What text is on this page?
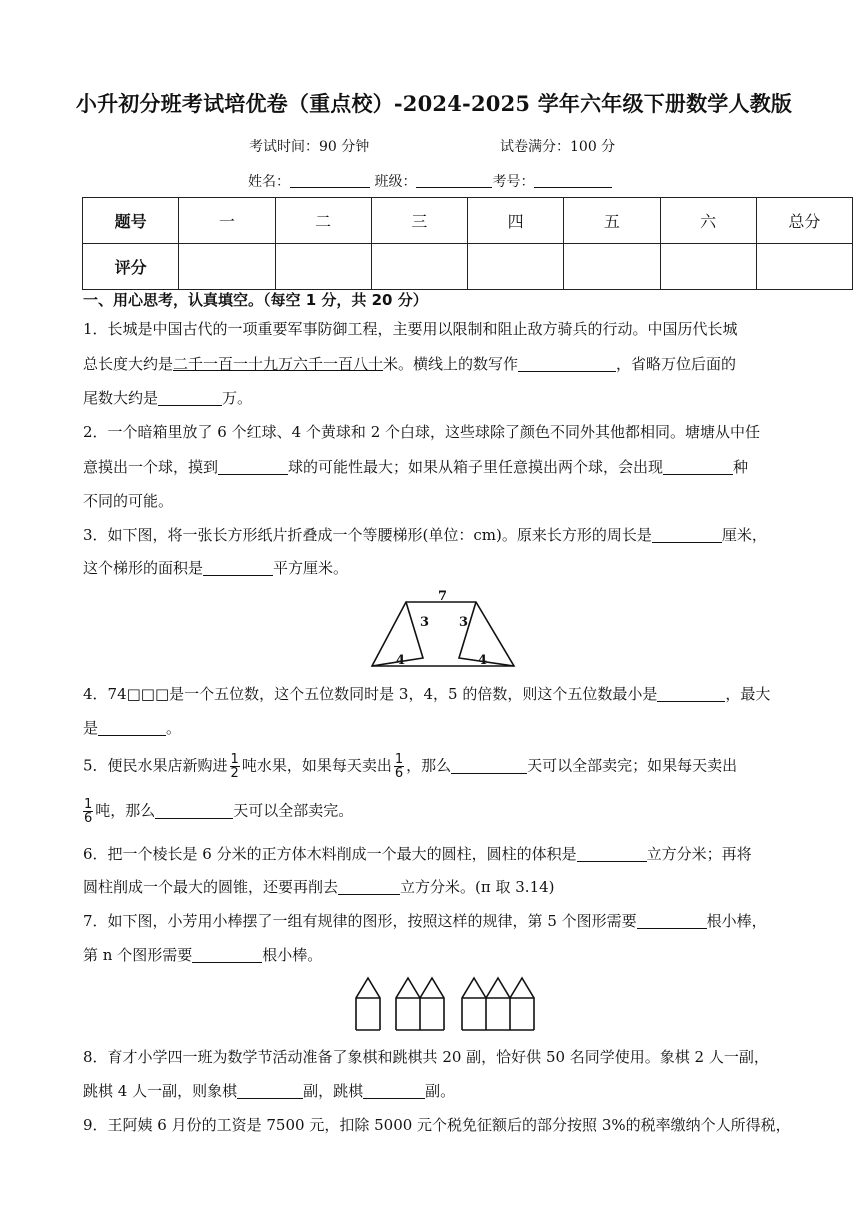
小升初分班考试培优卷（重点校）-2024-2025 学年六年级下册数学人教版
考试时间：90 分钟	试卷满分：100 分
姓名：	班级：	考号：
题号	一	二	三	四	五	六	总分
评分							
一、用心思考，认真填空。（每空 1 分，共 20 分）
1．长城是中国古代的一项重要军事防御工程，主要用以限制和阻止敌方骑兵的行动。中国历代长城
总长度大约是二千一百一十九万六千一百八十米。横线上的数写作	，省略万位后面的
尾数大约是	万。
2．一个暗箱里放了 6 个红球、4 个黄球和 2 个白球，这些球除了颜色不同外其他都相同。塘塘从中任
意摸出一个球，摸到	球的可能性最大；如果从箱子里任意摸出两个球，会出现	种
不同的可能。
3．如下图，将一张长方形纸片折叠成一个等腰梯形(单位：cm)。原来长方形的周长是	厘米，
这个梯形的面积是	平方厘米。
7
3 3
4	4
4．74□□□是一个五位数，这个五位数同时是 3，4，5 的倍数，则这个五位数最小是	，最大
是	。
5．便民水果店新购进 $\frac{1}{2}$ 吨水果，如果每天卖出 $\frac{1}{6}$ ，那么	天可以全部卖完；如果每天卖出
$\frac{1}{6}$ 吨，那么	天可以全部卖完。
6．把一个棱长是 6 分米的正方体木料削成一个最大的圆柱，圆柱的体积是	立方分米；再将
圆柱削成一个最大的圆锥，还要再削去	立方分米。(π 取 3.14)
7．如下图，小芳用小棒摆了一组有规律的图形，按照这样的规律，第 5 个图形需要	根小棒，
第 n 个图形需要	根小棒。
8．育才小学四一班为数学节活动准备了象棋和跳棋共 20 副，恰好供 50 名同学使用。象棋 2 人一副，
跳棋 4 人一副，则象棋	副，跳棋	副。
9．王阿姨 6 月份的工资是 7500 元，扣除 5000 元个税免征额后的部分按照 3%的税率缴纳个人所得税，
